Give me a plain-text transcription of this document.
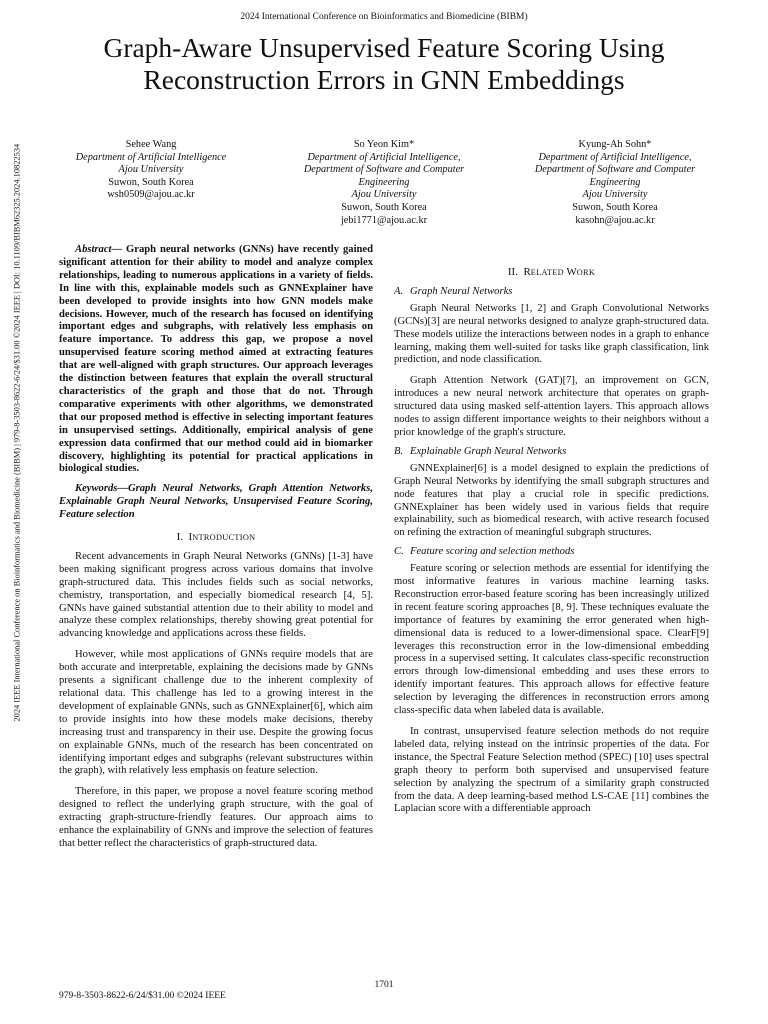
2024 International Conference on Bioinformatics and Biomedicine (BIBM)
Graph-Aware Unsupervised Feature Scoring Using
Reconstruction Errors in GNN Embeddings
Sehee Wang
Department of Artificial Intelligence
Ajou University
Suwon, South Korea
wsh0509@ajou.ac.kr
So Yeon Kim*
Department of Artificial Intelligence,
Department of Software and Computer
Engineering
Ajou University
Suwon, South Korea
jebi1771@ajou.ac.kr
Kyung-Ah Sohn*
Department of Artificial Intelligence,
Department of Software and Computer
Engineering
Ajou University
Suwon, South Korea
kasohn@ajou.ac.kr
2024 IEEE International Conference on Bioinformatics and Biomedicine (BIBM) | 979-8-3503-8622-6/24/$31.00 ©2024 IEEE | DOI: 10.1109/BIBM62325.2024.10822534	Abstract— Graph neural networks (GNNs) have recently gained significant attention for their ability to model and analyze complex relationships, leading to numerous applications in a variety of fields. In line with this, explainable models such as GNNExplainer have been developed to provide insights into how GNN models make decisions. However, much of the research has focused on identifying important edges and subgraphs, with relatively less emphasis on feature importance. To address this gap, we propose a novel unsupervised feature scoring method aimed at extracting features that are well-aligned with graph structures. Our approach leverages the distinction between features that explain the overall structural characteristics of the graph and those that do not. Through comparative experiments with other algorithms, we demonstrated that our proposed method is effective in selecting important features in unsupervised settings. Additionally, empirical analysis of gene expression data confirmed that our method could aid in biomarker discovery, highlighting its potential for practical applications in biological studies.

Keywords—Graph Neural Networks, Graph Attention Networks, Explainable Graph Neural Networks, Unsupervised Feature Scoring, Feature selection

I. INTRODUCTION

Recent advancements in Graph Neural Networks (GNNs) [1-3] have been making significant progress across various domains that involve graph-structured data. This includes fields such as social networks, chemistry, transportation, and especially biomedical research [4, 5]. GNNs have gained substantial attention due to their ability to model and analyze these complex relationships, thereby showing great potential for advancing knowledge and applications across these fields.

However, while most applications of GNNs require models that are both accurate and interpretable, explaining the decisions made by GNNs presents a significant challenge due to the inherent complexity of relational data. This challenge has led to a growing interest in the development of explainable GNNs, such as GNNExplainer[6], which aim to provide insights into how these models make decisions, thereby increasing trust and transparency in their use. Despite the growing focus on explainable GNNs, much of the research has been concentrated on identifying important edges and subgraphs (relevant substructures within the graph), with relatively less emphasis on feature selection.

Therefore, in this paper, we propose a novel feature scoring method designed to reflect the underlying graph structure, with the goal of extracting graph-structure-friendly features. Our approach aims to enhance the explainability of GNNs and improve the selection of features that better reflect the characteristics of graph-structured data.

II. RELATED WORK
A. Graph Neural Networks

Graph Neural Networks [1, 2] and Graph Convolutional Networks (GCNs)[3] are neural networks designed to analyze graph-structured data. These models utilize the interactions between nodes in a graph to enhance learning, making them well-suited for tasks like graph classification, link prediction, and node classification.

Graph Attention Network (GAT)[7], an improvement on GCN, introduces a new neural network architecture that operates on graph-structured data using masked self-attention layers. This approach allows nodes to assign different importance weights to their neighbors without a prior knowledge of the graph's structure.

B. Explainable Graph Neural Networks

GNNExplainer[6] is a model designed to explain the predictions of Graph Neural Networks by identifying the small subgraph structures and node features that play a crucial role in specific predictions. GNNExplainer has been widely used in various fields that require explainability, such as biomedical research, with active research focused on refining the extraction of meaningful subgraph structures.

C. Feature scoring and selection methods

Feature scoring or selection methods are essential for identifying the most informative features in various machine learning tasks. Reconstruction error-based feature scoring has been increasingly utilized in recent feature scoring approaches [8, 9]. These techniques evaluate the importance of features by examining the error generated when high-dimensional data is reduced to a lower-dimensional space. ClearF[9] leverages this reconstruction error in the low-dimensional embedding process in a supervised setting. It calculates class-specific reconstruction errors through low-dimensional embedding and uses these errors to identify important features. This approach allows for effective feature selection by leveraging the differences in reconstruction errors among class-specific data when labeled data is available.

In contrast, unsupervised feature selection methods do not require labeled data, relying instead on the intrinsic properties of the data. For instance, the Spectral Feature Selection method (SPEC) [10] uses spectral graph theory to perform both supervised and unsupervised feature selection by analyzing the spectrum of a similarity graph constructed from the data. A deep learning-based method LS-CAE [11] combines the Laplacian score with a differentiable approach

1701
979-8-3503-8622-6/24/$31.00 ©2024 IEEE
